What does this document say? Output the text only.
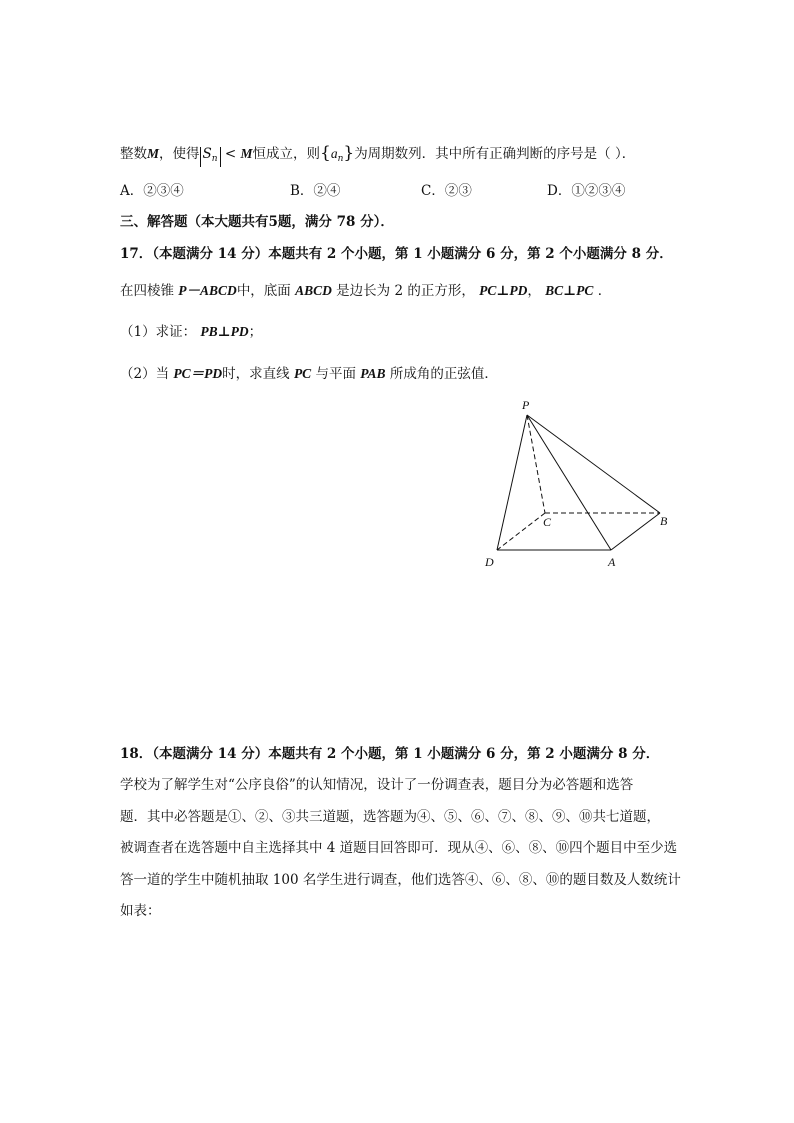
整数M，使得 $S_n < M$恒成立，则$\{a_n\}$为周期数列．其中所有正确判断的序号是（ ）．
A．②③④	B．②④	C．②③	D．①②③④
三、解答题（本大题共有5题，满分 78 分）．
17．（本题满分 14 分）本题共有 2 个小题，第 1 小题满分 6 分，第 2 个小题满分 8 分．
在四棱锥 P－ABCD中，底面 ABCD 是边长为 2 的正方形， PC⊥PD， BC⊥PC ．
（1）求证： PB⊥PD；
（2）当 PC＝PD时，求直线 PC 与平面 PAB 所成角的正弦值．
P
C	B
D	A
18．（本题满分 14 分）本题共有 2 个小题，第 1 小题满分 6 分，第 2 小题满分 8 分．
学校为了解学生对“公序良俗”的认知情况，设计了一份调查表，题目分为必答题和选答
题．其中必答题是①、②、③共三道题，选答题为④、⑤、⑥、⑦、⑧、⑨、⑩共七道题，
被调查者在选答题中自主选择其中 4 道题目回答即可．现从④、⑥、⑧、⑩四个题目中至少选
答一道的学生中随机抽取 100 名学生进行调查，他们选答④、⑥、⑧、⑩的题目数及人数统计
如表：
